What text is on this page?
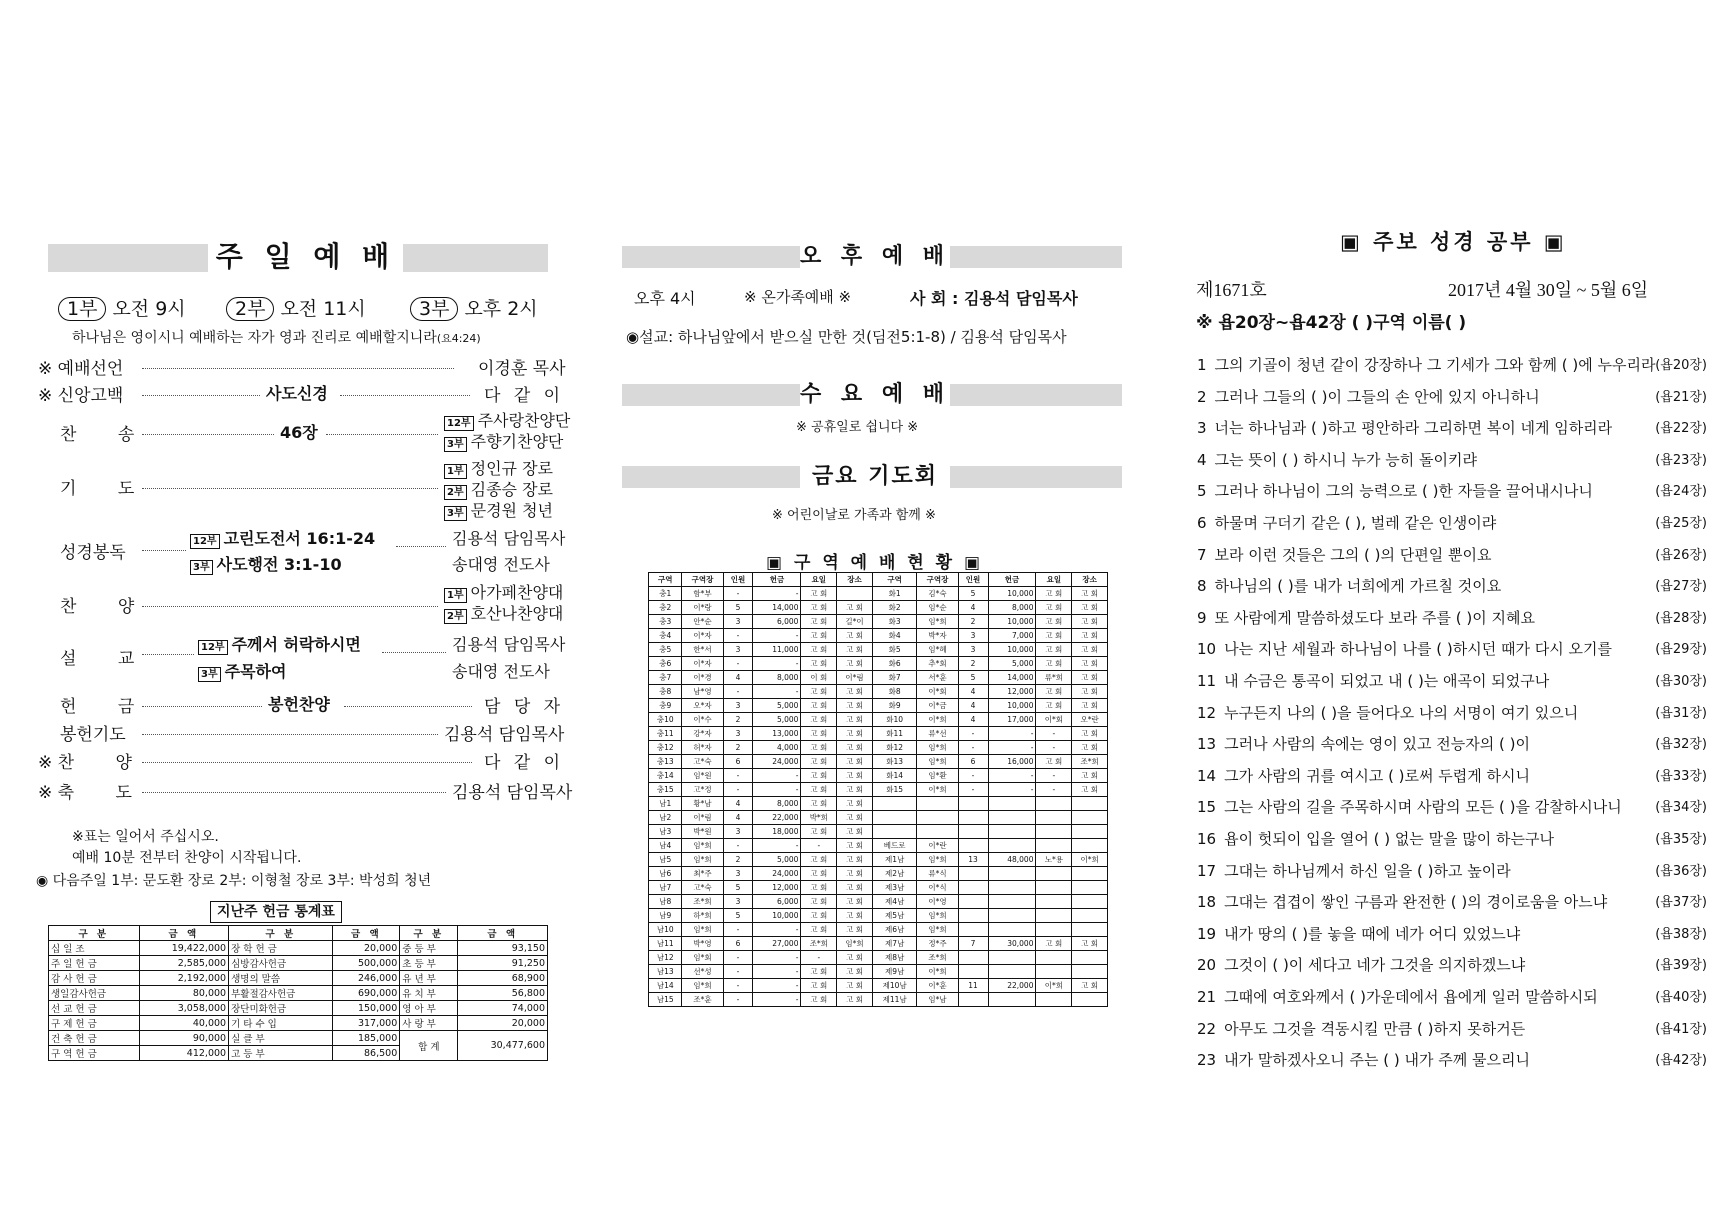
주 일 예 배
1부 오전 9시	2부 오전 11시	3부 오후 2시
하나님은 영이시니 예배하는 자가 영과 진리로 예배할지니라(요4:24)
※ 예배선언	이경훈 목사
※ 신앙고백	사도신경	다 같 이
찬 송	46장	12부 주사랑찬양단
3부 주향기찬양단
기 도
1부 정인규 장로
2부 김종승 장로
3부 문경원 청년
성경봉독
12부 고린도전서 16:1-24	김용석 담임목사
3부 사도행전 3:1-10	송대영 전도사
찬 양
1부 아가페찬양대
2부 호산나찬양대
설 교
12부 주께서 허락하시면	김용석 담임목사
3부 주목하여	송대영 전도사
헌 금	봉헌찬양	담 당 자
봉헌기도	김용석 담임목사
※ 찬 양	다 같 이
※ 축 도	김용석 담임목사
※표는 일어서 주십시오.
예배 10분 전부터 찬양이 시작됩니다.
◉ 다음주일 1부: 문도환 장로 2부: 이형철 장로 3부: 박성희 청년
지난주 헌금 통계표
구 분	금 액	구 분	금 액	구 분	금 액
십 일 조	19,422,000	장 학 헌 금	20,000	중 등 부	93,150
주 일 헌 금	2,585,000	심방감사헌금	500,000	초 등 부	91,250
감 사 헌 금	2,192,000	생명의 말씀	246,000	유 년 부	68,900
생일감사헌금	80,000	부활절감사헌금	690,000	유 치 부	56,800
선 교 헌 금	3,058,000	장단미화헌금	150,000	영 아 부	74,000
구 제 헌 금	40,000	기 타 수 입	317,000	사 랑 부	20,000
건 축 헌 금	90,000	실 클 부	185,000	합 계	30,477,600
구 역 헌 금	412,000	고 등 부	86,500		
오 후 예 배
오후 4시	※ 온가족예배 ※	사 회 : 김용석 담임목사
◉설교: 하나님앞에서 받으실 만한 것(딤전5:1-8) / 김용석 담임목사
수 요 예 배
※ 공휴일로 쉽니다 ※
금요 기도회
※ 어린이날로 가족과 함께 ※
▣ 구 역 예 배 현 황 ▣
구역	구역장	인원	헌금	요일	장소	구역	구역장	인원	헌금	요일	장소
충1	함*부	-	-	고 회		화1	김*숙	5	10,000	고 회	고 회
충2	이*랑	5	14,000	고 회	고 회	화2	임*순	4	8,000	고 회	고 회
충3	안*순	3	6,000	고 회	길*이	화3	임*희	2	10,000	고 회	고 회
충4	이*자	-	-	고 회	고 회	화4	박*자	3	7,000	고 회	고 회
충5	한*서	3	11,000	고 회	고 회	화5	임*혜	3	10,000	고 회	고 회
충6	이*자	-	-	고 회	고 회	화6	추*회	2	5,000	고 회	고 회
충7	이*경	4	8,000	이 회	이*림	화7	서*훈	5	14,000	류*희	고 회
충8	남*영	-	-	고 회	고 회	화8	이*회	4	12,000	고 회	고 회
충9	오*자	3	5,000	고 회	고 회	화9	이*금	4	10,000	고 회	고 회
충10	이*수	2	5,000	고 회	고 회	화10	이*희	4	17,000	이*회	오*란
충11	강*자	3	13,000	고 회	고 회	화11	류*선	-	-	-	고 회
충12	허*자	2	4,000	고 회	고 회	화12	임*희	-	-	-	고 회
충13	고*숙	6	24,000	고 회	고 회	화13	임*희	6	16,000	고 회	조*희
충14	임*원	-	-	고 회	고 회	화14	임*환	-	-	-	고 회
충15	고*정	-	-	고 회	고 회	화15	이*희	-	-	-	고 회
남1	황*남	4	8,000	고 회	고 회						
남2	이*림	4	22,000	박*희	고 회						
남3	박*원	3	18,000	고 회	고 회						
남4	임*희	-	-	-	고 회	베드로	이*란				
남5	임*희	2	5,000	고 회	고 회	제1남	임*희	13	48,000	노*용	이*희
남6	최*주	3	24,000	고 회	고 회	제2남	류*식				
남7	고*숙	5	12,000	고 회	고 회	제3남	이*식				
남8	조*희	3	6,000	고 회	고 회	제4남	이*영				
남9	하*희	5	10,000	고 회	고 회	제5남	임*희				
남10	임*희	-	-	고 회	고 회	제6남	임*희				
남11	박*영	6	27,000	조*희	임*희	제7남	정*주	7	30,000	고 회	고 회
남12	임*회	-	-	-	고 회	제8남	조*희				
남13	선*성	-	-	고 회	고 회	제9남	이*희				
남14	임*희	-	-	고 회	고 회	제10남	이*훈	11	22,000	이*희	고 회
남15	조*훈	-	-	고 회	고 회	제11남	임*남				
▣ 주보 성경 공부 ▣
제1671호	2017년 4월 30일 ~ 5월 6일
※ 욥20장~욥42장 ( )구역 이름( )
1 그의 기골이 청년 같이 강장하나 그 기세가 그와 함께 ( )에 누우리라 (욥20장)
2 그러나 그들의 ( )이 그들의 손 안에 있지 아니하니	(욥21장)
3 너는 하나님과 ( )하고 평안하라 그리하면 복이 네게 임하리라	(욥22장)
4 그는 뜻이 ( ) 하시니 누가 능히 돌이키랴	(욥23장)
5 그러나 하나님이 그의 능력으로 ( )한 자들을 끌어내시나니	(욥24장)
6 하물며 구더기 같은 ( ), 벌레 같은 인생이랴	(욥25장)
7 보라 이런 것들은 그의 ( )의 단편일 뿐이요	(욥26장)
8 하나님의 ( )를 내가 너희에게 가르칠 것이요	(욥27장)
9 또 사람에게 말씀하셨도다 보라 주를 ( )이 지혜요	(욥28장)
10 나는 지난 세월과 하나님이 나를 ( )하시던 때가 다시 오기를	(욥29장)
11 내 수금은 통곡이 되었고 내 ( )는 애곡이 되었구나	(욥30장)
12 누구든지 나의 ( )을 들어다오 나의 서명이 여기 있으니	(욥31장)
13 그러나 사람의 속에는 영이 있고 전능자의 ( )이	(욥32장)
14 그가 사람의 귀를 여시고 ( )로써 두렵게 하시니	(욥33장)
15 그는 사람의 길을 주목하시며 사람의 모든 ( )을 감찰하시나니	(욥34장)
16 욥이 헛되이 입을 열어 ( ) 없는 말을 많이 하는구나	(욥35장)
17 그대는 하나님께서 하신 일을 ( )하고 높이라	(욥36장)
18 그대는 겹겹이 쌓인 구름과 완전한 ( )의 경이로움을 아느냐	(욥37장)
19 내가 땅의 ( )를 놓을 때에 네가 어디 있었느냐	(욥38장)
20 그것이 ( )이 세다고 네가 그것을 의지하겠느냐	(욥39장)
21 그때에 여호와께서 ( )가운데에서 욥에게 일러 말씀하시되	(욥40장)
22 아무도 그것을 격동시킬 만큼 ( )하지 못하거든	(욥41장)
23 내가 말하겠사오니 주는 ( ) 내가 주께 물으리니	(욥42장)
